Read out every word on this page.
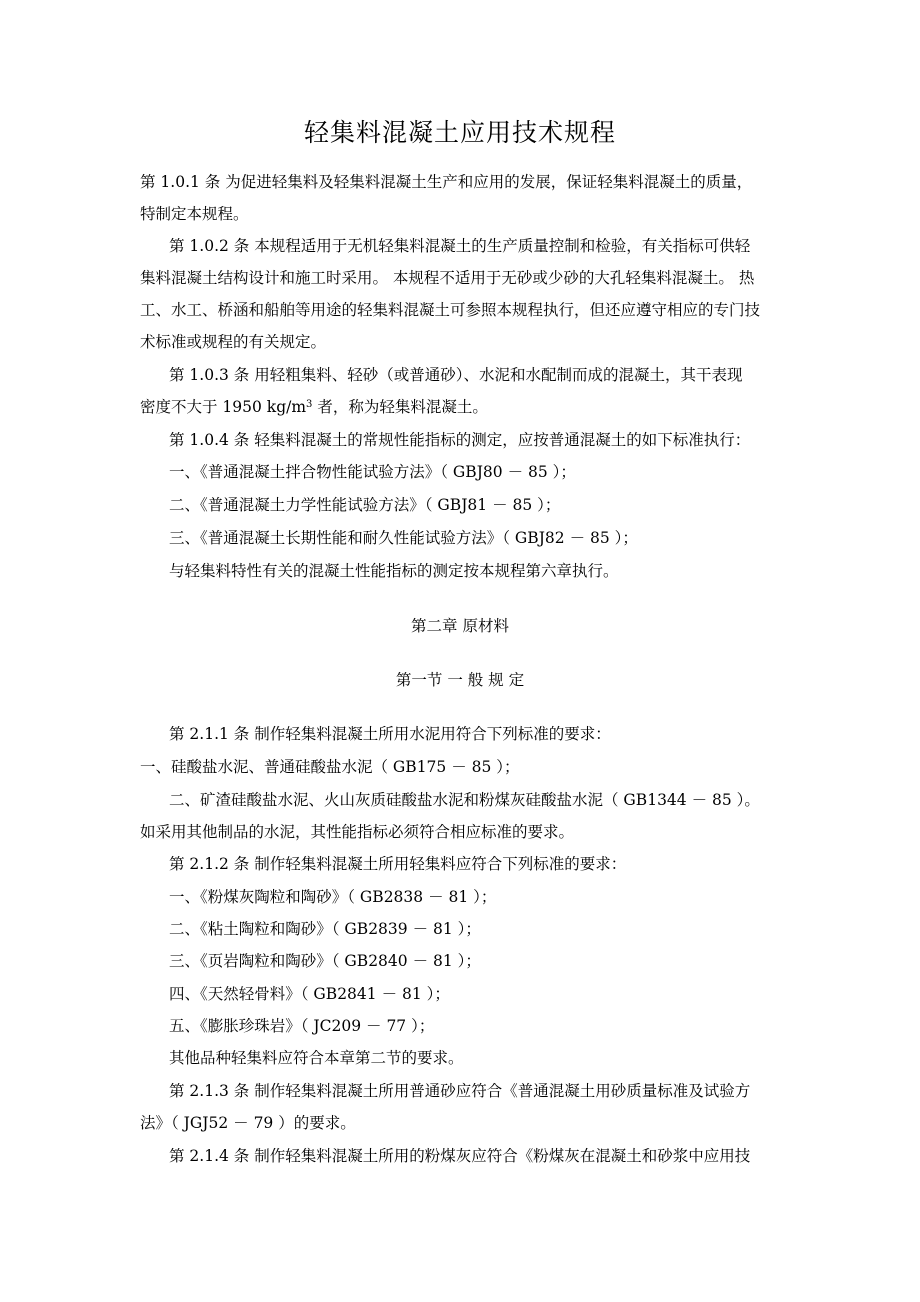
轻集料混凝土应用技术规程
第 1.0.1 条 为促进轻集料及轻集料混凝土生产和应用的发展，保证轻集料混凝土的质量，
特制定本规程。
第 1.0.2 条 本规程适用于无机轻集料混凝土的生产质量控制和检验，有关指标可供轻
集料混凝土结构设计和施工时采用。 本规程不适用于无砂或少砂的大孔轻集料混凝土。 热
工、水工、桥涵和船舶等用途的轻集料混凝土可参照本规程执行，但还应遵守相应的专门技
术标准或规程的有关规定。
第 1.0.3 条 用轻粗集料、轻砂（或普通砂）、水泥和水配制而成的混凝土，其干表现
密度不大于 1950 $kg/m^3$ 者，称为轻集料混凝土。
第 1.0.4 条 轻集料混凝土的常规性能指标的测定，应按普通混凝土的如下标准执行：
一、《普通混凝土拌合物性能试验方法》（ GBJ80 － 85 ）；
二、《普通混凝土力学性能试验方法》（ GBJ81 － 85 ）；
三、《普通混凝土长期性能和耐久性能试验方法》（ GBJ82 － 85 ）；
与轻集料特性有关的混凝土性能指标的测定按本规程第六章执行。
第二章 原材料
第一节 一 般 规 定
第 2.1.1 条 制作轻集料混凝土所用水泥用符合下列标准的要求：
一、硅酸盐水泥、普通硅酸盐水泥（ GB175 － 85 ）；
二、矿渣硅酸盐水泥、火山灰质硅酸盐水泥和粉煤灰硅酸盐水泥（ GB1344 － 85 ）。
如采用其他制品的水泥，其性能指标必须符合相应标准的要求。
第 2.1.2 条 制作轻集料混凝土所用轻集料应符合下列标准的要求：
一、《粉煤灰陶粒和陶砂》（ GB2838 － 81 ）；
二、《粘土陶粒和陶砂》（ GB2839 － 81 ）；
三、《页岩陶粒和陶砂》（ GB2840 － 81 ）；
四、《天然轻骨料》（ GB2841 － 81 ）；
五、《膨胀珍珠岩》（ JC209 － 77 ）；
其他品种轻集料应符合本章第二节的要求。
第 2.1.3 条 制作轻集料混凝土所用普通砂应符合《普通混凝土用砂质量标准及试验方
法》（ JGJ52 － 79 ）的要求。
第 2.1.4 条 制作轻集料混凝土所用的粉煤灰应符合《粉煤灰在混凝土和砂浆中应用技
